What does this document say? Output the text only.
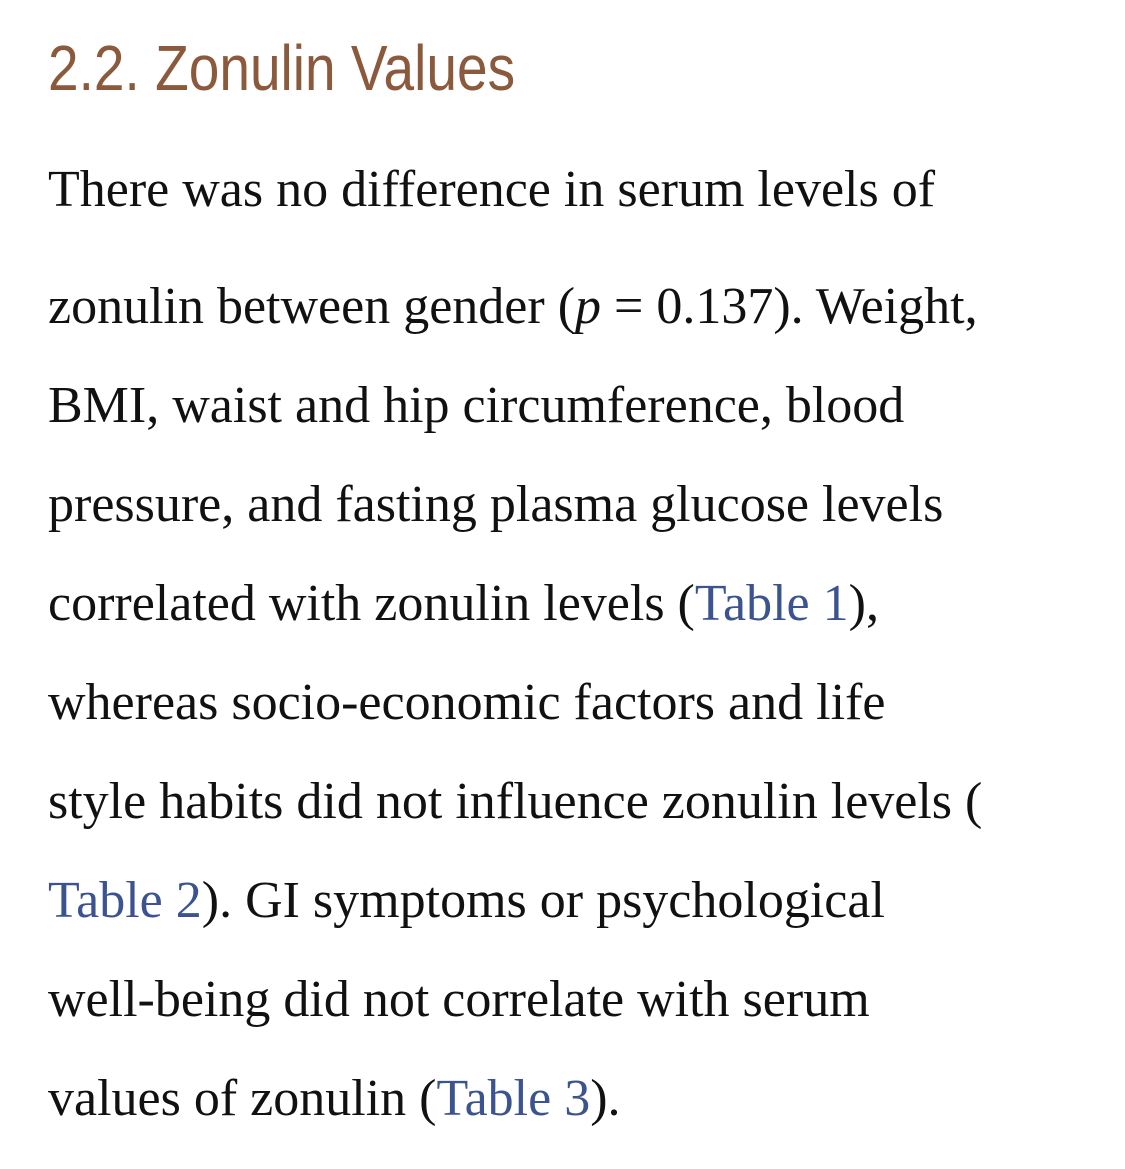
2.2. Zonulin Values

There was no difference in serum levels of
zonulin between gender (p = 0.137). Weight,
BMI, waist and hip circumference, blood
pressure, and fasting plasma glucose levels
correlated with zonulin levels (Table 1),
whereas socio-economic factors and life
style habits did not influence zonulin levels (
Table 2). GI symptoms or psychological
well-being did not correlate with serum
values of zonulin (Table 3).
